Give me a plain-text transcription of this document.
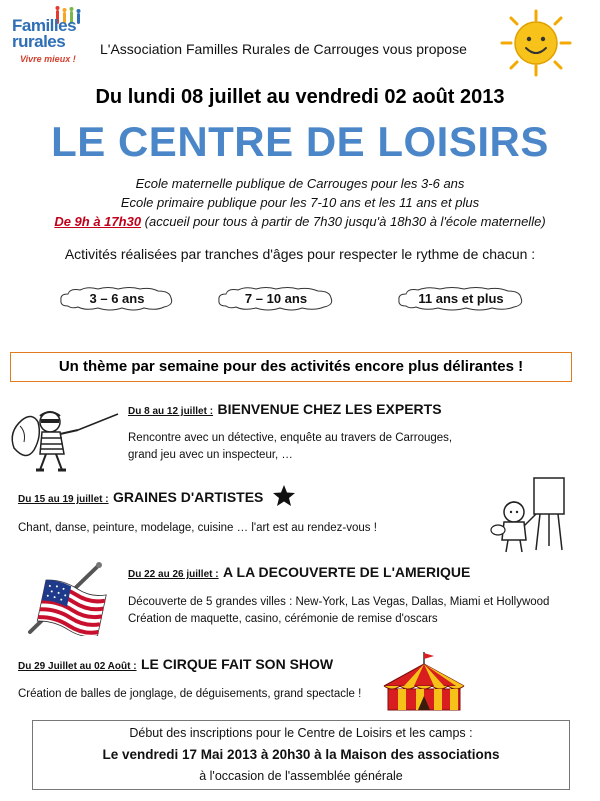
Familles
rurales
Vivre mieux !
L'Association Familles Rurales de Carrouges vous propose
Du lundi 08 juillet au vendredi 02 août 2013
LE CENTRE DE LOISIRS
Ecole maternelle publique de Carrouges pour les 3-6 ans
Ecole primaire publique pour les 7-10 ans et les 11 ans et plus
De 9h à 17h30 (accueil pour tous à partir de 7h30 jusqu'à 18h30 à l'école maternelle)
Activités réalisées par tranches d'âges pour respecter le rythme de chacun :
3 – 6 ans	7 – 10 ans	11 ans et plus
Un thème par semaine pour des activités encore plus délirantes !
Du 8 au 12 juillet : BIENVENUE CHEZ LES EXPERTS
Rencontre avec un détective, enquête au travers de Carrouges,
grand jeu avec un inspecteur, …
Du 15 au 19 juillet : GRAINES D'ARTISTES
Chant, danse, peinture, modelage, cuisine … l'art est au rendez-vous !
Du 22 au 26 juillet : A LA DECOUVERTE DE L'AMERIQUE
Découverte de 5 grandes villes : New-York, Las Vegas, Dallas, Miami et Hollywood
Création de maquette, casino, cérémonie de remise d'oscars
Du 29 Juillet au 02 Août : LE CIRQUE FAIT SON SHOW
Création de balles de jonglage, de déguisements, grand spectacle !
Début des inscriptions pour le Centre de Loisirs et les camps :
Le vendredi 17 Mai 2013 à 20h30 à la Maison des associations
à l'occasion de l'assemblée générale
